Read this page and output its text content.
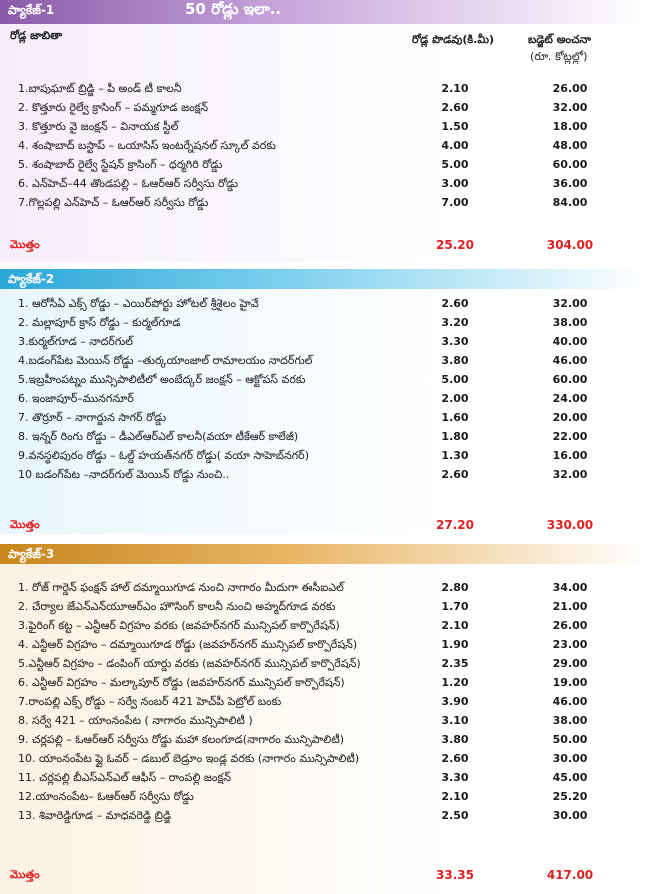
ప్యాకేజ్-1	50 రోడ్లు ఇలా..
రోడ్ల జాబితా	రోడ్ల పొడవు(కి.మీ)	బడ్జెట్ అంచనా
(రూ. కోట్లల్లో)
1.బాపుఘాట్ బ్రిడ్జి – పీ అండ్ టీ కాలనీ	2.10	26.00
2. కొత్తూరు రైల్వే క్రాసింగ్ – పమ్మగూడ జంక్షన్	2.60	32.00
3. కొత్తూరు వై జంక్షన్ – వినాయక స్టీల్	1.50	18.00
4. శంషాబాద్ బస్టాప్ – ఒయాసిస్ ఇంటర్నేషనల్ స్కూల్ వరకు	4.00	48.00
5. శంషాబాద్ రైల్వే స్టేషన్ క్రాసింగ్ – ధర్మగిరి రోడ్డు	5.00	60.00
6. ఎన్‌హెచ్–44 తొండపల్లి – ఓఆర్‌ఆర్ సర్వీసు రోడ్డు	3.00	36.00
7.గొల్లపల్లి ఎన్‌హెచ్ – ఓఆర్‌ఆర్ సర్వీసు రోడ్డు	7.00	84.00
మొత్తం	25.20	304.00
ప్యాకేజ్-2
1. ఆరోసీఏ ఎక్స్ రోడ్డు – ఎయిర్‌పోర్టు హోటల్ శ్రీశైలం హైవే	2.60	32.00
2. మల్లాపూర్ క్రాస్ రోడ్డు – కుర్మల్‌గూడ	3.20	38.00
3.కుర్మల్‌గూడ – నాదర్‌గుల్	3.30	40.00
4.బడంగ్‌పేట మెయిన్ రోడ్డు –తుర్కయాంజాల్ రామాలయం నాదర్‌గుల్	3.80	46.00
5.ఇబ్రహీంపట్నం మున్సిపాలిటీలో అంబేద్కర్ జంక్షన్ – ఆక్టోపస్ వరకు	5.00	60.00
6. ఇంజాపూర్–మునగనూర్	2.00	24.00
7. తొర్రూర్ – నాగార్జున సాగర్ రోడ్డు	1.60	20.00
8. ఇన్నర్ రింగు రోడ్డు – డీఎల్‌ఆర్‌ఎల్ కాలనీ(వయా టీకేఆర్ కాలేజీ)	1.80	22.00
9.వనస్థలిపురం రోడ్డు – ఓల్డ్ హయత్‌నగర్ రోడ్డు( వయా సాహెబ్‌నగర్)	1.30	16.00
10 బడంగ్‌పేట –నాదర్‌గుల్ మెయిన్ రోడ్డు నుంచి..	2.60	32.00
మొత్తం	27.20	330.00
ప్యాకేజ్-3
1. రోజ్ గార్డెన్ ఫంక్షన్ హాల్ దమ్మాయిగూడ నుంచి నాగారం మీదుగా ఈసీఐఎల్	2.80	34.00
2. చేర్యాల జేఎన్‌ఎన్‌యూఆర్‌ఎం హౌసింగ్ కాలనీ నుంచి అహ్మద్‌గూడ వరకు	1.70	21.00
3.ఫైరింగ్ కట్ట – ఎన్టీఆర్ విగ్రహం వరకు (జవహర్‌నగర్ మున్సిపల్ కార్పొరేషన్)	2.10	26.00
4. ఎన్టీఆర్ విగ్రహం – దమ్మాయిగూడ రోడ్డు (జవహర్‌నగర్ మున్సిపల్ కార్పొరేషన్)	1.90	23.00
5.ఎన్టీఆర్ విగ్రహం – డంపింగ్ యార్డు వరకు (జవహర్‌నగర్ మున్సిపల్ కార్పొరేషన్)	2.35	29.00
6. ఎన్టీఆర్ విగ్రహం – మల్కాపూర్ రోడ్డు (జవహర్‌నగర్ మున్సిపల్ కార్పొరేషన్)	1.20	19.00
7.రాంపల్లి ఎక్స్ రోడ్డు – సర్వే నంబర్ 421 హెచ్‌పీ పెట్రోల్ బంకు	3.90	46.00
8. సర్వే 421 – యాంనంపేట ( నాగారం మున్సిపాలిటీ )	3.10	38.00
9. చర్లపల్లి – ఓఆర్‌ఆర్ సర్వీసు రోడ్డు మహా కలంగూడ(నాగారం మున్సిపాలిటీ)	3.80	50.00
10. యాంనంపేట ఫ్లై ఓవర్ – డబుల్ బెడ్రూం ఇండ్ల వరకు (నాగారం మున్సిపాలిటీ)	2.60	30.00
11. చర్లపల్లి బీఎస్‌ఎన్‌ఎల్ ఆఫీస్ – రాంపల్లి జంక్షన్	3.30	45.00
12.యాంనంపేట– ఓఆర్‌ఆర్ సర్వీసు రోడ్డు	2.10	25.20
13. శివారెడ్డిగూడ – మాధవరెడ్డి బ్రిడ్జి	2.50	30.00
మొత్తం	33.35	417.00
